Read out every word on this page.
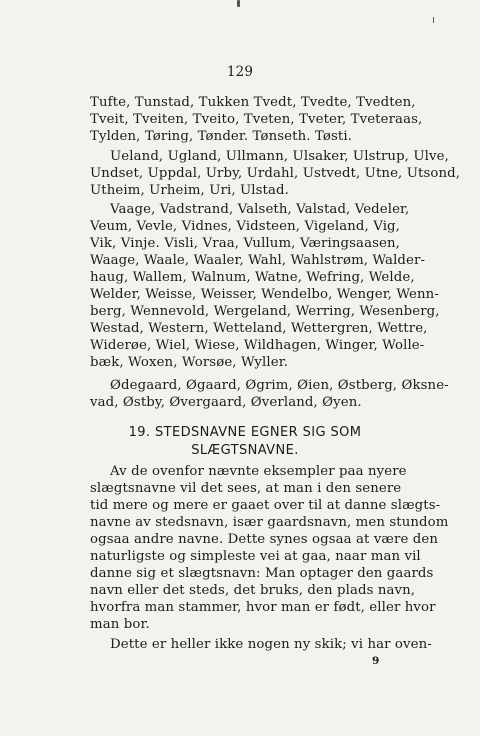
129
Tufte, Tunstad, Tukken Tvedt, Tvedte, Tvedten,
Tveit, Tveiten, Tveito, Tveten, Tveter, Tveteraas,
Tylden, Tøring, Tønder. Tønseth. Tøsti.
Ueland, Ugland, Ullmann, Ulsaker, Ulstrup, Ulve,
Undset, Uppdal, Urby, Urdahl, Ustvedt, Utne, Utsond,
Utheim, Urheim, Uri, Ulstad.
Vaage, Vadstrand, Valseth, Valstad, Vedeler,
Veum, Vevle, Vidnes, Vidsteen, Vigeland, Vig,
Vik, Vinje. Visli, Vraa, Vullum, Væringsaasen,
Waage, Waale, Waaler, Wahl, Wahlstrøm, Walder-
haug, Wallem, Walnum, Watne, Wefring, Welde,
Welder, Weisse, Weisser, Wendelbo, Wenger, Wenn-
berg, Wennevold, Wergeland, Werring, Wesenberg,
Westad, Western, Wetteland, Wettergren, Wettre,
Widerøe, Wiel, Wiese, Wildhagen, Winger, Wolle-
bæk, Woxen, Worsøe, Wyller.
Ødegaard, Øgaard, Øgrim, Øien, Østberg, Øksne-
vad, Østby, Øvergaard, Øverland, Øyen.
19. STEDSNAVNE EGNER SIG SOM
SLÆGTSNAVNE.
Av de ovenfor nævnte eksempler paa nyere
slægtsnavne vil det sees, at man i den senere
tid mere og mere er gaaet over til at danne slægts-
navne av stedsnavn, især gaardsnavn, men stundom
ogsaa andre navne. Dette synes ogsaa at være den
naturligste og simpleste vei at gaa, naar man vil
danne sig et slægtsnavn: Man optager den gaards
navn eller det steds, det bruks, den plads navn,
hvorfra man stammer, hvor man er født, eller hvor
man bor.
Dette er heller ikke nogen ny skik; vi har oven-
9
